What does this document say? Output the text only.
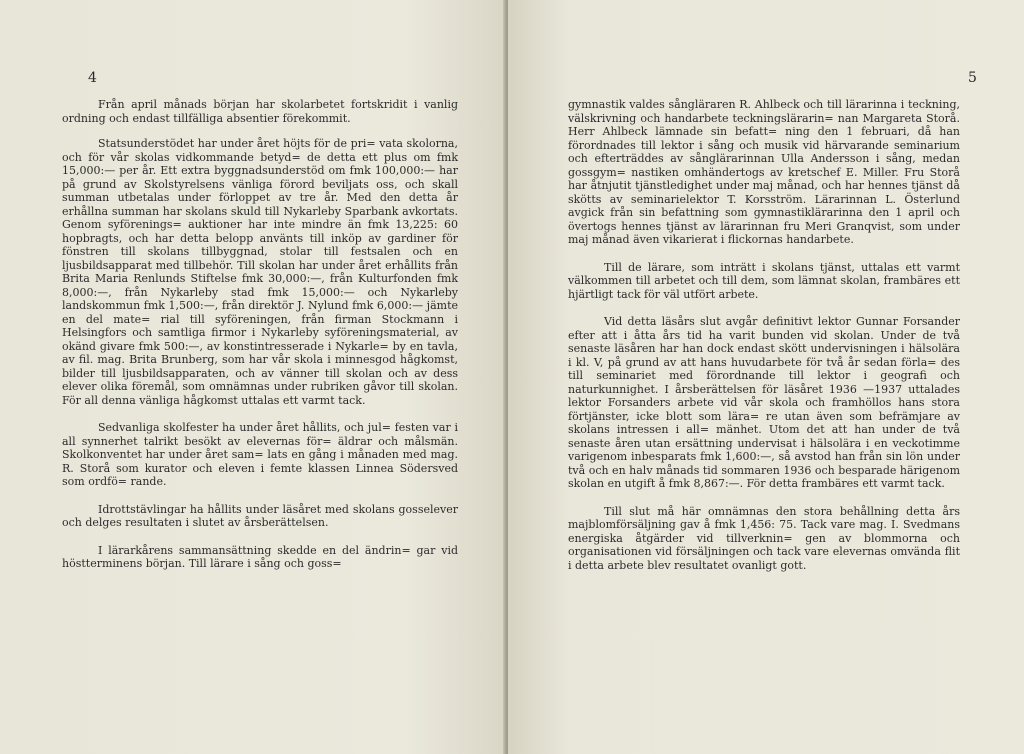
4

Från april månads början har skolarbetet fortskridit i vanlig ordning och endast tillfälliga absentier förekommit.

Statsunderstödet har under året höjts för de pri= vata skolorna, och för vår skolas vidkommande betyd= de detta ett plus om fmk 15,000:— per år. Ett extra byggnadsunderstöd om fmk 100,000:— har på grund av Skolstyrelsens vänliga förord beviljats oss, och skall summan utbetalas under förloppet av tre år. Med den detta år erhållna summan har skolans skuld till Nykarleby Sparbank avkortats. Genom syförenings= auktioner har inte mindre än fmk 13,225: 60 hopbragts, och har detta belopp använts till inköp av gardiner för fönstren till skolans tillbyggnad, stolar till festsalen och en ljusbildsapparat med tillbehör. Till skolan har under året erhållits från Brita Maria Renlunds Stiftelse fmk 30,000:—, från Kulturfonden fmk 8,000:—, från Nykarleby stad fmk 15,000:— och Nykarleby landskommun fmk 1,500:—, från direktör J. Nylund fmk 6,000:— jämte en del mate= rial till syföreningen, från firman Stockmann i Helsingfors och samtliga firmor i Nykarleby syföreningsmaterial, av okänd givare fmk 500:—, av konstintresserade i Nykarle= by en tavla, av fil. mag. Brita Brunberg, som har vår skola i minnesgod hågkomst, bilder till ljusbildsapparaten, och av vänner till skolan och av dess elever olika föremål, som omnämnas under rubriken gåvor till skolan. För all denna vänliga hågkomst uttalas ett varmt tack.

Sedvanliga skolfester ha under året hållits, och jul= festen var i all synnerhet talrikt besökt av elevernas för= äldrar och målsmän. Skolkonventet har under året sam= lats en gång i månaden med mag. R. Storå som kurator och eleven i femte klassen Linnea Södersved som ordfö= rande.

Idrottstävlingar ha hållits under läsåret med skolans gosselever och delges resultaten i slutet av årsberättelsen.

I lärarkårens sammansättning skedde en del ändrin= gar vid höstterminens början. Till lärare i sång och goss=

5

gymnastik valdes sångläraren R. Ahlbeck och till lärarinna i teckning, välskrivning och handarbete teckningslärarin= nan Margareta Storå. Herr Ahlbeck lämnade sin befatt= ning den 1 februari, då han förordnades till lektor i sång och musik vid härvarande seminarium och efterträddes av sånglärarinnan Ulla Andersson i sång, medan gossgym= nastiken omhändertogs av kretschef E. Miller. Fru Storå har åtnjutit tjänstledighet under maj månad, och har hennes tjänst då skötts av seminarielektor T. Korsström. Lärarinnan L. Österlund avgick från sin befattning som gymnastiklärarinna den 1 april och övertogs hennes tjänst av lärarinnan fru Meri Granqvist, som under maj månad även vikarierat i flickornas handarbete.

Till de lärare, som inträtt i skolans tjänst, uttalas ett varmt välkommen till arbetet och till dem, som lämnat skolan, frambäres ett hjärtligt tack för väl utfört arbete.

Vid detta läsårs slut avgår definitivt lektor Gunnar Forsander efter att i åtta års tid ha varit bunden vid skolan. Under de två senaste läsåren har han dock endast skött undervisningen i hälsolära i kl. V, på grund av att hans huvudarbete för två år sedan förla= des till seminariet med förordnande till lektor i geografi och naturkunnighet. I årsberättelsen för läsåret 1936 —1937 uttalades lektor Forsanders arbete vid vår skola och framhöllos hans stora förtjänster, icke blott som lära= re utan även som befrämjare av skolans intressen i all= mänhet. Utom det att han under de två senaste åren utan ersättning undervisat i hälsolära i en veckotimme varigenom inbesparats fmk 1,600:—, så avstod han från sin lön under två och en halv månads tid sommaren 1936 och besparade härigenom skolan en utgift å fmk 8,867:—. För detta frambäres ett varmt tack.

Till slut må här omnämnas den stora behållning detta års majblomförsäljning gav å fmk 1,456: 75. Tack vare mag. I. Svedmans energiska åtgärder vid tillverknin= gen av blommorna och organisationen vid försäljningen och tack vare elevernas omvända flit i detta arbete blev resultatet ovanligt gott.
